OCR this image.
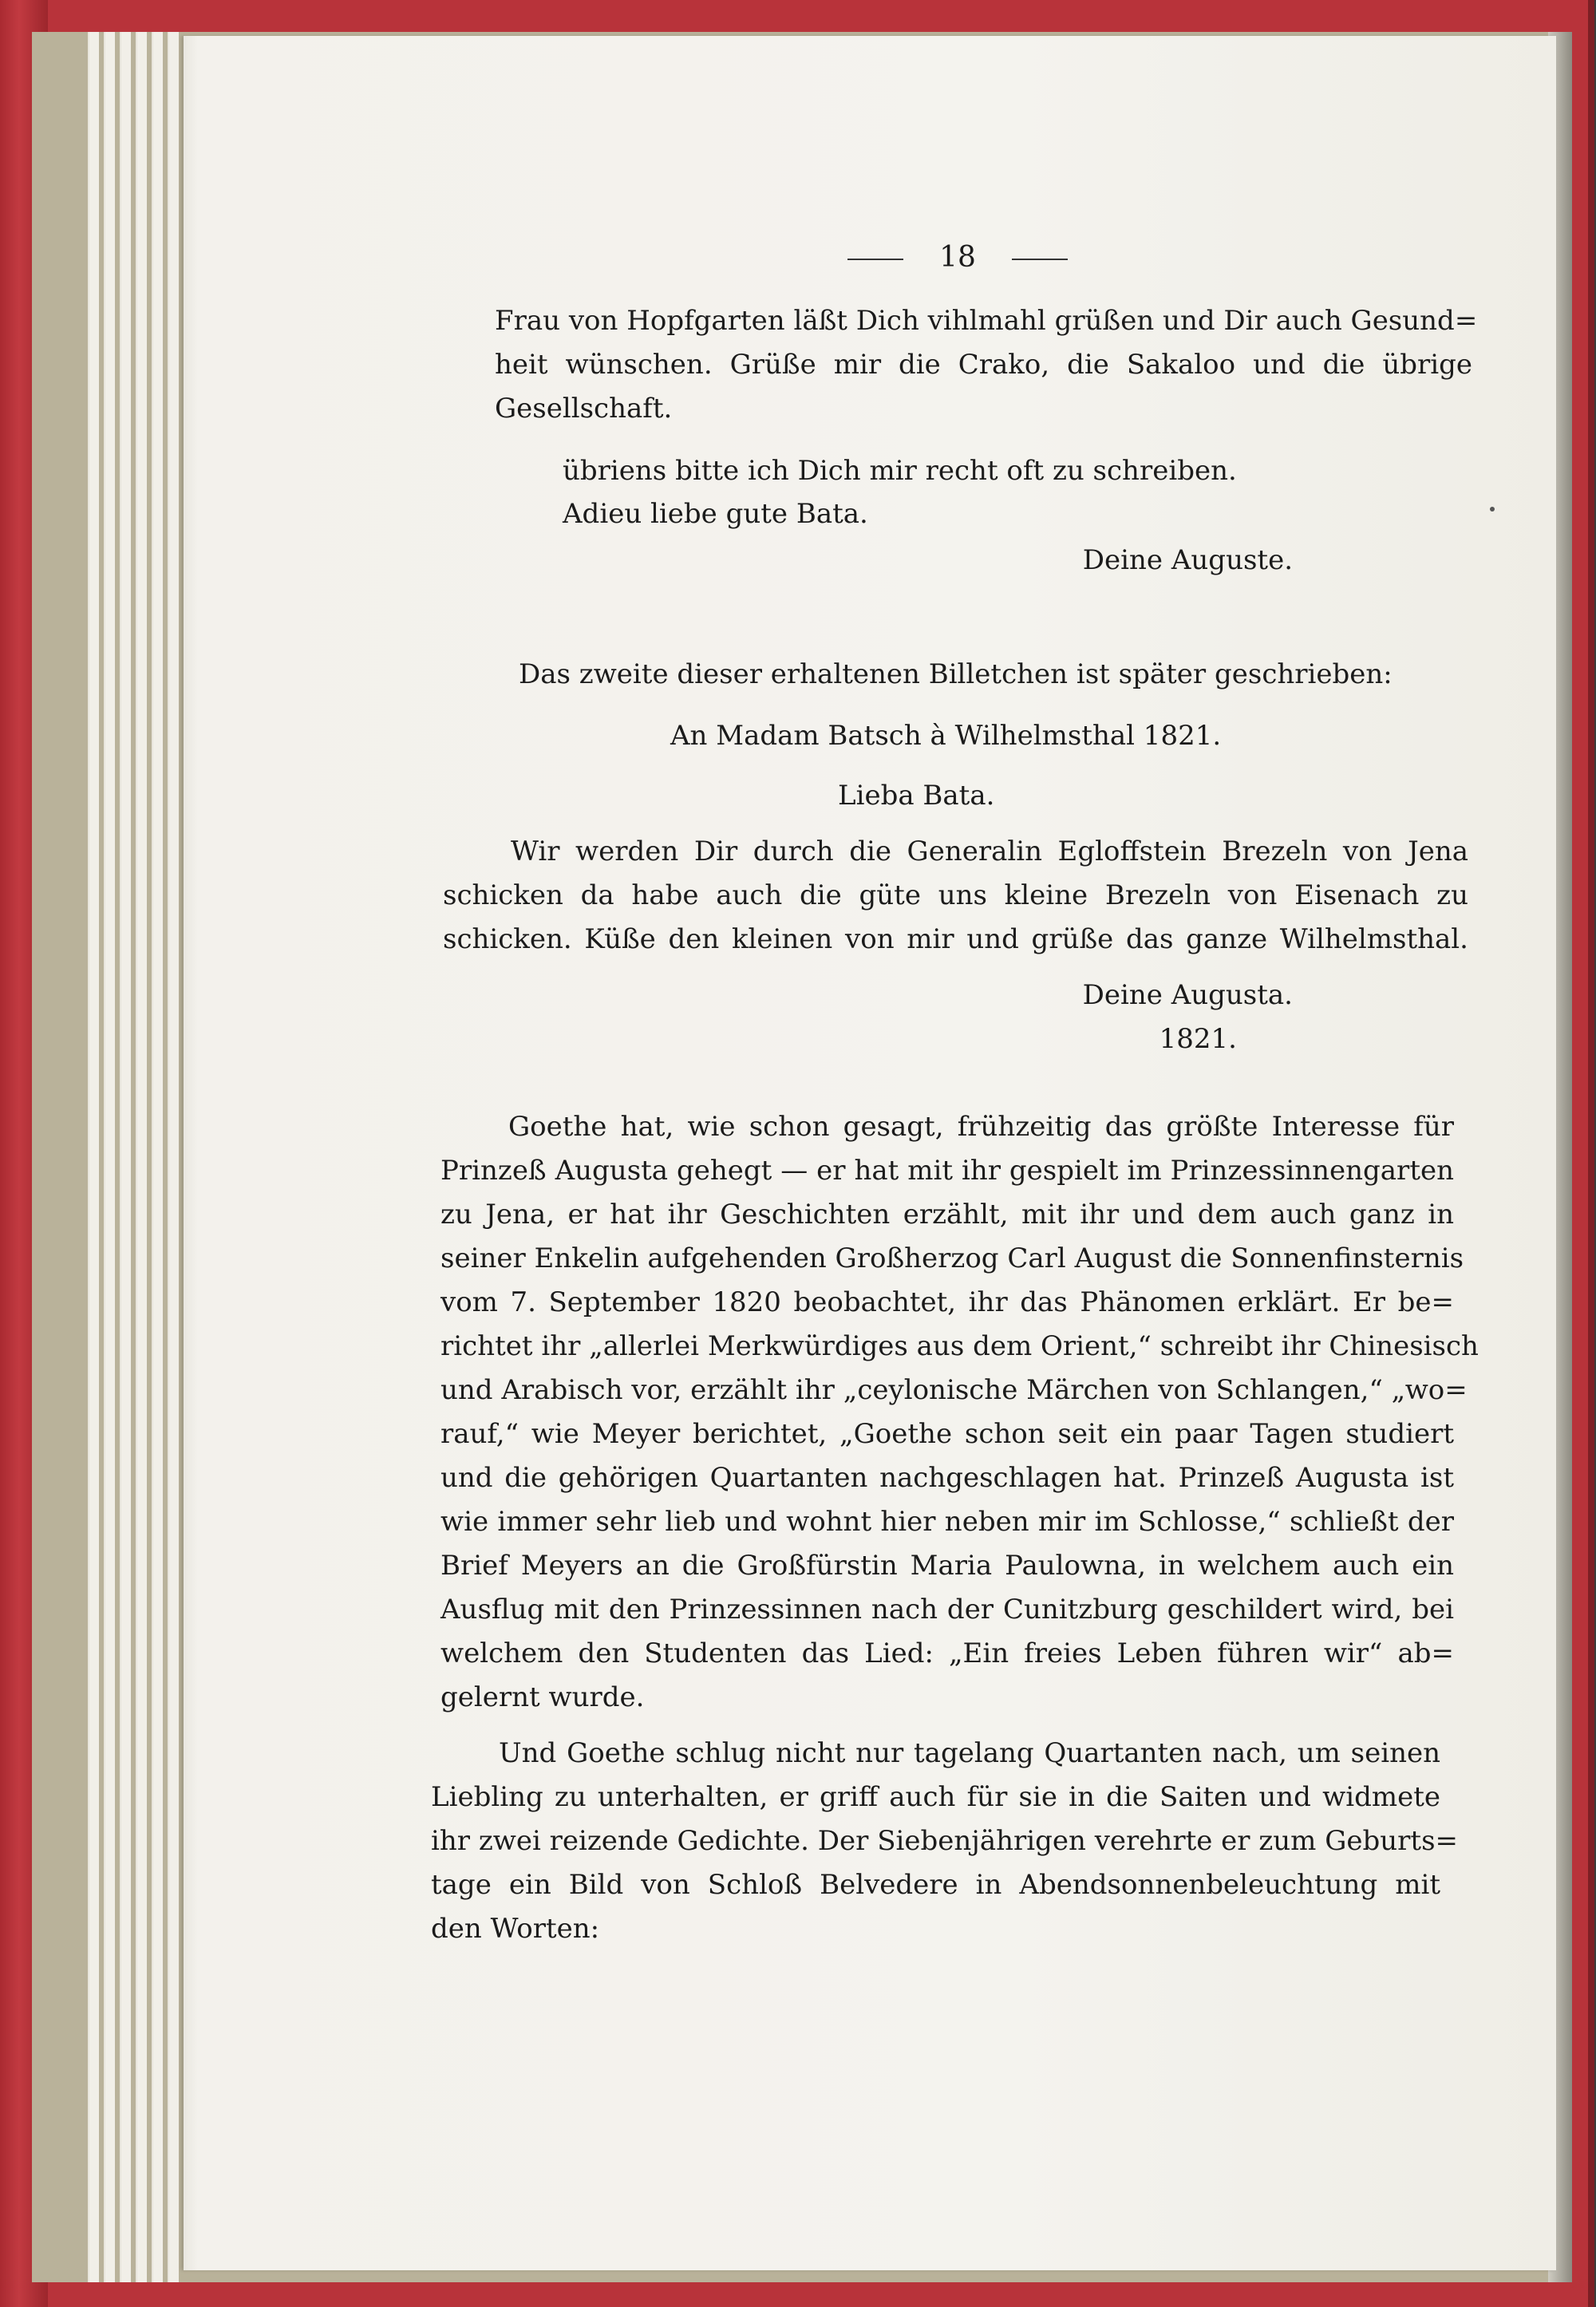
18
Frau von Hopfgarten läßt Dich vihlmahl grüßen und Dir auch Gesund=
heit wünschen. Grüße mir die Crako, die Sakaloo und die übrige
Gesellschaft.
übriens bitte ich Dich mir recht oft zu schreiben.
Adieu liebe gute Bata.
Deine Auguste.
Das zweite dieser erhaltenen Billetchen ist später geschrieben:
An Madam Batsch à Wilhelmsthal 1821.
Lieba Bata.
Wir werden Dir durch die Generalin Egloffstein Brezeln von Jena
schicken da habe auch die güte uns kleine Brezeln von Eisenach zu
schicken. Küße den kleinen von mir und grüße das ganze Wilhelmsthal.
Deine Augusta.
1821.
Goethe hat, wie schon gesagt, frühzeitig das größte Interesse für
Prinzeß Augusta gehegt — er hat mit ihr gespielt im Prinzessinnengarten
zu Jena, er hat ihr Geschichten erzählt, mit ihr und dem auch ganz in
seiner Enkelin aufgehenden Großherzog Carl August die Sonnenfinsternis
vom 7. September 1820 beobachtet, ihr das Phänomen erklärt. Er be=
richtet ihr „allerlei Merkwürdiges aus dem Orient,“ schreibt ihr Chinesisch
und Arabisch vor, erzählt ihr „ceylonische Märchen von Schlangen,“ „wo=
rauf,“ wie Meyer berichtet, „Goethe schon seit ein paar Tagen studiert
und die gehörigen Quartanten nachgeschlagen hat. Prinzeß Augusta ist
wie immer sehr lieb und wohnt hier neben mir im Schlosse,“ schließt der
Brief Meyers an die Großfürstin Maria Paulowna, in welchem auch ein
Ausflug mit den Prinzessinnen nach der Cunitzburg geschildert wird, bei
welchem den Studenten das Lied: „Ein freies Leben führen wir“ ab=
gelernt wurde.
Und Goethe schlug nicht nur tagelang Quartanten nach, um seinen
Liebling zu unterhalten, er griff auch für sie in die Saiten und widmete
ihr zwei reizende Gedichte. Der Siebenjährigen verehrte er zum Geburts=
tage ein Bild von Schloß Belvedere in Abendsonnenbeleuchtung mit
den Worten:
